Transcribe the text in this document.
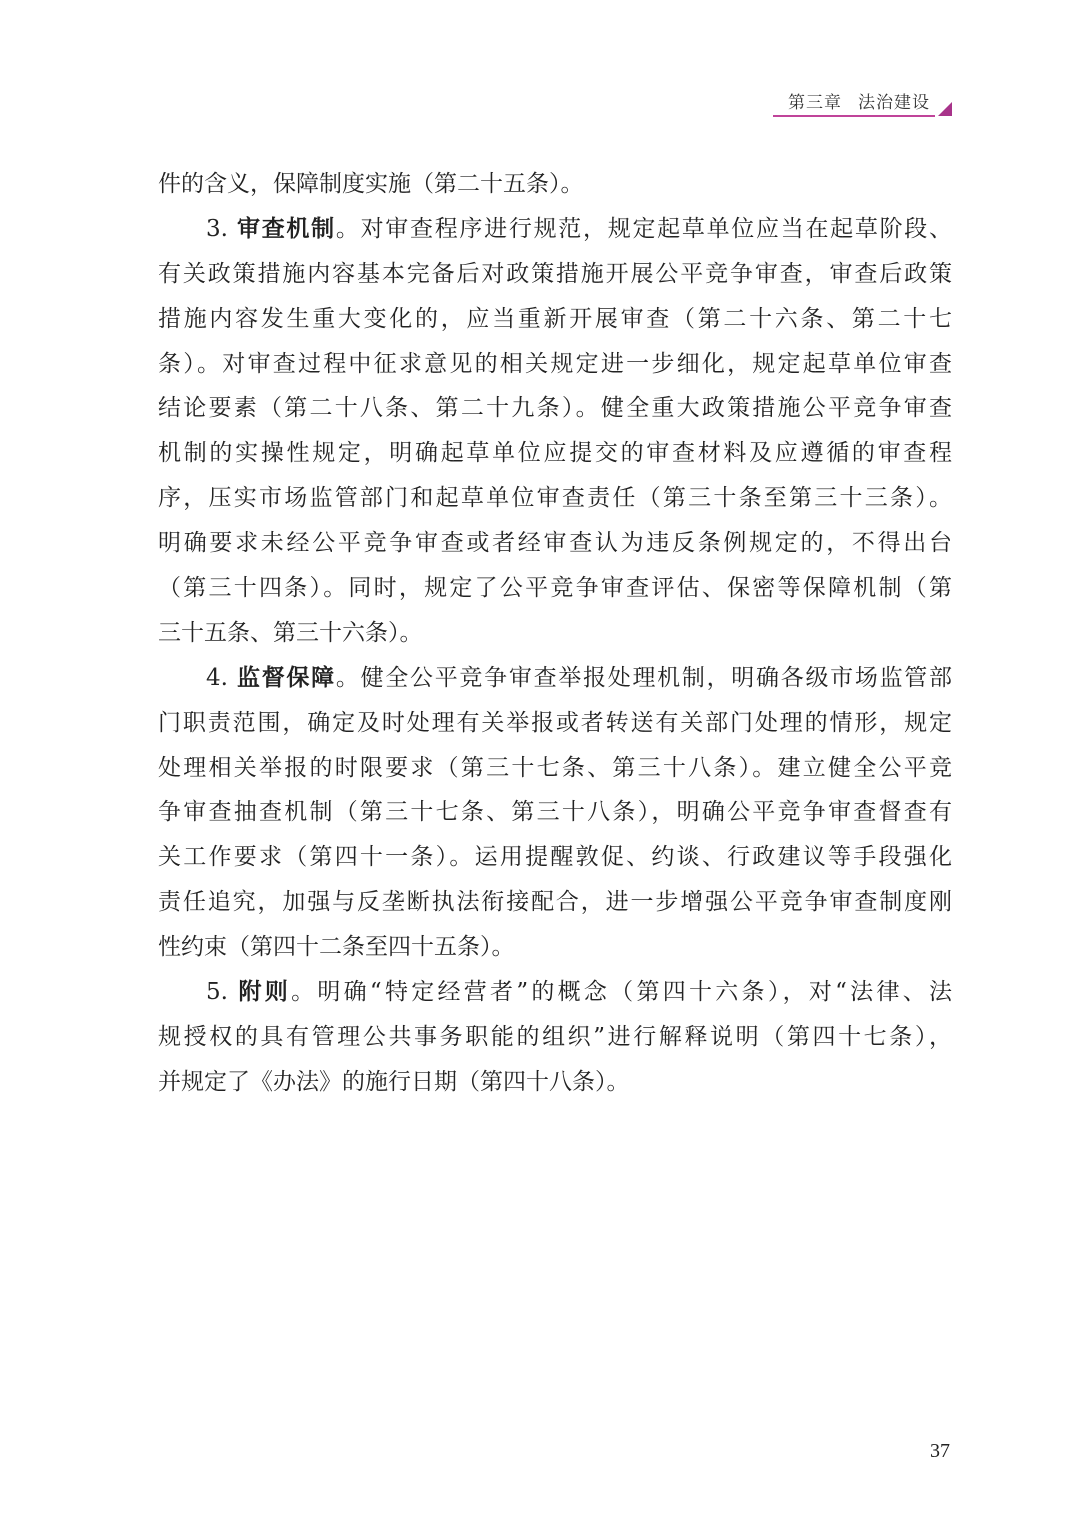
第三章 法治建设
件的含义，保障制度实施（第二十五条）。
3. 审查机制。对审查程序进行规范，规定起草单位应当在起草阶段、
有关政策措施内容基本完备后对政策措施开展公平竞争审查，审查后政策
措施内容发生重大变化的，应当重新开展审查（第二十六条、第二十七
条）。对审查过程中征求意见的相关规定进一步细化，规定起草单位审查
结论要素（第二十八条、第二十九条）。健全重大政策措施公平竞争审查
机制的实操性规定，明确起草单位应提交的审查材料及应遵循的审查程
序，压实市场监管部门和起草单位审查责任（第三十条至第三十三条）。
明确要求未经公平竞争审查或者经审查认为违反条例规定的，不得出台
（第三十四条）。同时，规定了公平竞争审查评估、保密等保障机制（第
三十五条、第三十六条）。
4. 监督保障。健全公平竞争审查举报处理机制，明确各级市场监管部
门职责范围，确定及时处理有关举报或者转送有关部门处理的情形，规定
处理相关举报的时限要求（第三十七条、第三十八条）。建立健全公平竞
争审查抽查机制（第三十七条、第三十八条），明确公平竞争审查督查有
关工作要求（第四十一条）。运用提醒敦促、约谈、行政建议等手段强化
责任追究，加强与反垄断执法衔接配合，进一步增强公平竞争审查制度刚
性约束（第四十二条至四十五条）。
5. 附则。明确“特定经营者”的概念（第四十六条），对“法律、法
规授权的具有管理公共事务职能的组织”进行解释说明（第四十七条），
并规定了《办法》的施行日期（第四十八条）。
37
